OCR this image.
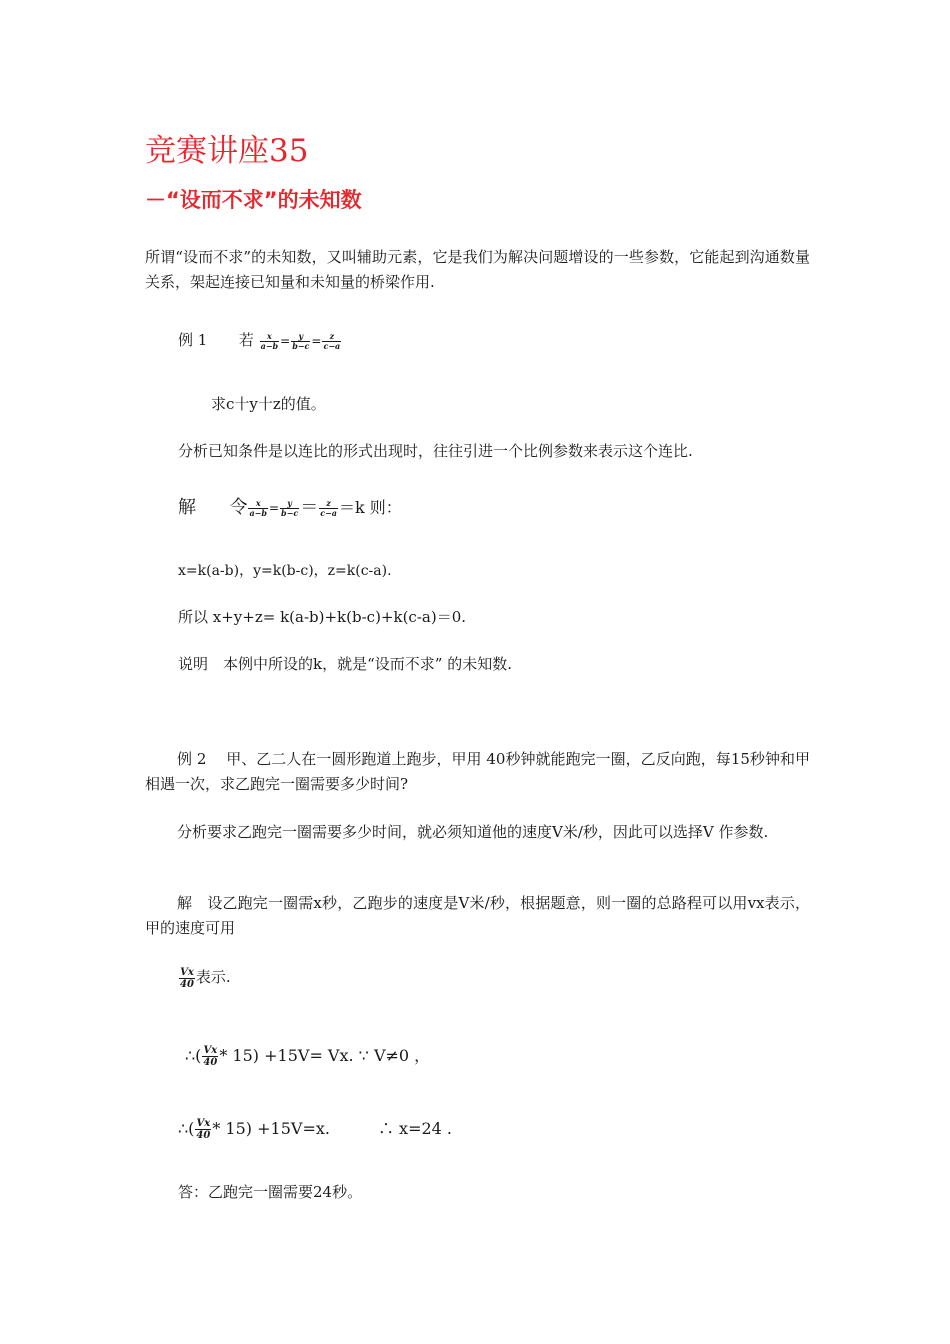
竞赛讲座35
－“设而不求”的未知数
所谓“设而不求”的未知数，又叫辅助元素，它是我们为解决问题增设的一些参数，它能起到沟通数量关系，架起连接已知量和未知量的桥梁作用.
例 1 若 $\frac{x}{a-b} = \frac{y}{b-c} = \frac{z}{c-a}$
求c十y十z的值。
分析已知条件是以连比的形式出现时，往往引进一个比例参数来表示这个连比.
解 令 $\frac{x}{a-b} = \frac{y}{b-c} = \frac{z}{c-a} =k$ 则：
x=k(a-b)，y=k(b-c)，z=k(c-a).
所以 x+y+z= k(a-b)+k(b-c)+k(c-a)＝0.
说明　本例中所设的k，就是“设而不求” 的未知数.
例 2　 甲、乙二人在一圆形跑道上跑步，甲用 40秒钟就能跑完一圈，乙反向跑，每15秒钟和甲相遇一次，求乙跑完一圈需要多少时间?
分析要求乙跑完一圈需要多少时间，就必须知道他的速度V米/秒，因此可以选择V 作参数.
解　设乙跑完一圈需x秒，乙跑步的速度是V米/秒，根据题意，则一圈的总路程可以用vx表示，甲的速度可用
$\frac{Vx}{40}$ 表示.
∴( $\frac{Vx}{40} * 15) +15V= Vx$. ∵ V≠0 ，
∴( $\frac{Vx}{40} * 15) +15V=x$.　　　∴ x=24 .
答：乙跑完一圈需要24秒。
